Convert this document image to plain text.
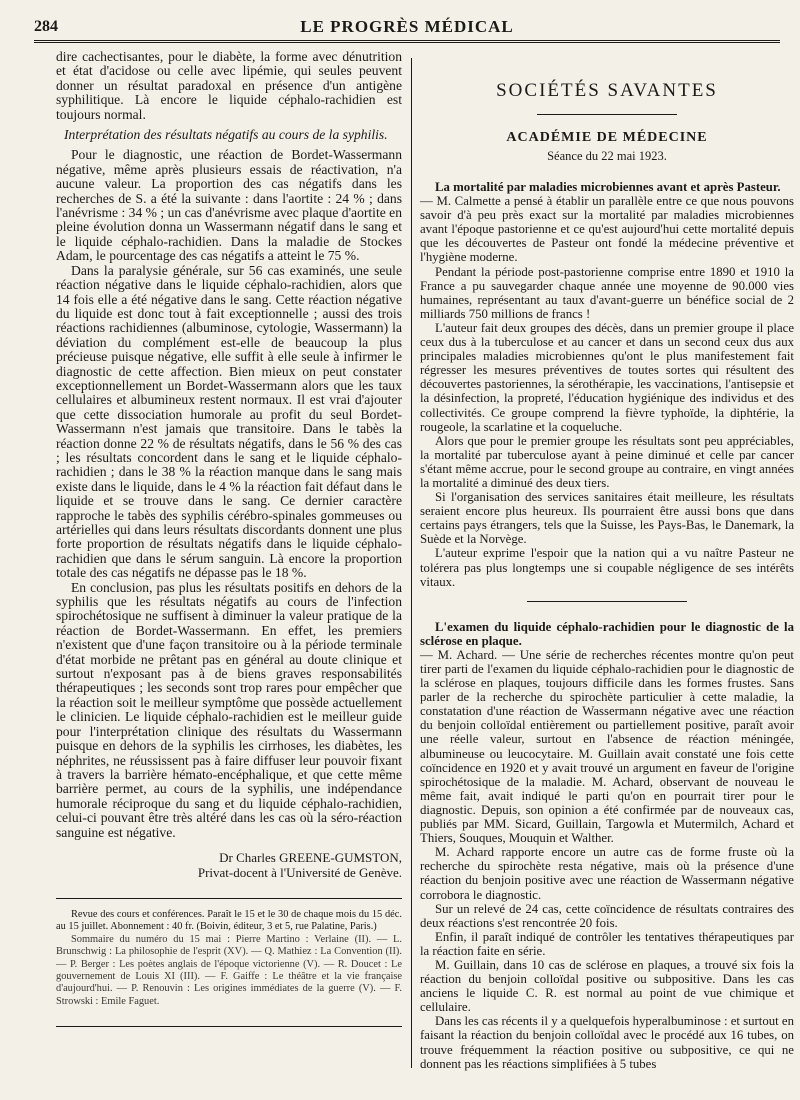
284	LE PROGRÈS MÉDICAL

dire cachectisantes, pour le diabète, la forme avec dénutrition et état d'acidose ou celle avec lipémie, qui seules peuvent donner un résultat paradoxal en présence d'un antigène syphilitique. Là encore le liquide céphalo-rachidien est toujours normal.

Interprétation des résultats négatifs au cours de la syphilis.

Pour le diagnostic, une réaction de Bordet-Wassermann négative, même après plusieurs essais de réactivation, n'a aucune valeur. La proportion des cas négatifs dans les recherches de S. a été la suivante : dans l'aortite : 24 % ; dans l'anévrisme : 34 % ; un cas d'anévrisme avec plaque d'aortite en pleine évolution donna un Wassermann négatif dans le sang et le liquide céphalo-rachidien. Dans la maladie de Stockes Adam, le pourcentage des cas négatifs a atteint le 75 %.

Dans la paralysie générale, sur 56 cas examinés, une seule réaction négative dans le liquide céphalo-rachidien, alors que 14 fois elle a été négative dans le sang. Cette réaction négative du liquide est donc tout à fait exceptionnelle ; aussi des trois réactions rachidiennes (albuminose, cytologie, Wassermann) la déviation du complément est-elle de beaucoup la plus précieuse puisque négative, elle suffit à elle seule à infirmer le diagnostic de cette affection. Bien mieux on peut constater exceptionnellement un Bordet-Wassermann alors que les taux cellulaires et albumineux restent normaux. Il est vrai d'ajouter que cette dissociation humorale au profit du seul Bordet-Wassermann n'est jamais que transitoire. Dans le tabès la réaction donne 22 % de résultats négatifs, dans le 56 % des cas ; les résultats concordent dans le sang et le liquide céphalo-rachidien ; dans le 38 % la réaction manque dans le sang mais existe dans le liquide, dans le 4 % la réaction fait défaut dans le liquide et se trouve dans le sang. Ce dernier caractère rapproche le tabès des syphilis cérébro-spinales gommeuses ou artérielles qui dans leurs résultats discordants donnent une plus forte proportion de résultats négatifs dans le liquide céphalo-rachidien que dans le sérum sanguin. Là encore la proportion totale des cas négatifs ne dépasse pas le 18 %.

En conclusion, pas plus les résultats positifs en dehors de la syphilis que les résultats négatifs au cours de l'infection spirochétosique ne suffisent à diminuer la valeur pratique de la réaction de Bordet-Wassermann. En effet, les premiers n'existent que d'une façon transitoire ou à la période terminale d'état morbide ne prêtant pas en général au doute clinique et surtout n'exposant pas à de biens graves responsabilités thérapeutiques ; les seconds sont trop rares pour empêcher que la réaction soit le meilleur symptôme que possède actuellement le clinicien. Le liquide céphalo-rachidien est le meilleur guide pour l'interprétation clinique des résultats du Wassermann puisque en dehors de la syphilis les cirrhoses, les diabètes, les néphrites, ne réussissent pas à faire diffuser leur pouvoir fixant à travers la barrière hémato-encéphalique, et que cette même barrière permet, au cours de la syphilis, une indépendance humorale réciproque du sang et du liquide céphalo-rachidien, celui-ci pouvant être très altéré dans les cas où la séro-réaction sanguine est négative.

Dr Charles GREENE-GUMSTON,
Privat-docent à l'Université de Genève.

Revue des cours et conférences. Paraît le 15 et le 30 de chaque mois du 15 déc. au 15 juillet. Abonnement : 40 fr. (Boivin, éditeur, 3 et 5, rue Palatine, Paris.)

Sommaire du numéro du 15 mai : Pierre Martino : Verlaine (II). — L. Brunschwig : La philosophie de l'esprit (XV). — Q. Mathiez : La Convention (II). — P. Berger : Les poètes anglais de l'époque victorienne (V). — R. Doucet : Le gouvernement de Louis XI (III). — F. Gaiffe : Le théâtre et la vie française d'aujourd'hui. — P. Renouvin : Les origines immédiates de la guerre (V). — F. Strowski : Emile Faguet.

SOCIÉTÉS SAVANTES
ACADÉMIE DE MÉDECINE
Séance du 22 mai 1923.

La mortalité par maladies microbiennes avant et après Pasteur.

— M. Calmette a pensé à établir un parallèle entre ce que nous pouvons savoir d'à peu près exact sur la mortalité par maladies microbiennes avant l'époque pastorienne et ce qu'est aujourd'hui cette mortalité depuis que les découvertes de Pasteur ont fondé la médecine préventive et l'hygiène moderne.

Pendant la période post-pastorienne comprise entre 1890 et 1910 la France a pu sauvegarder chaque année une moyenne de 90.000 vies humaines, représentant au taux d'avant-guerre un bénéfice social de 2 milliards 750 millions de francs !

L'auteur fait deux groupes des décès, dans un premier groupe il place ceux dus à la tuberculose et au cancer et dans un second ceux dus aux principales maladies microbiennes qu'ont le plus manifestement fait régresser les mesures préventives de toutes sortes qui résultent des découvertes pastoriennes, la sérothérapie, les vaccinations, l'antisepsie et la désinfection, la propreté, l'éducation hygiénique des individus et des collectivités. Ce groupe comprend la fièvre typhoïde, la diphtérie, la rougeole, la scarlatine et la coqueluche.

Alors que pour le premier groupe les résultats sont peu appréciables, la mortalité par tuberculose ayant à peine diminué et celle par cancer s'étant même accrue, pour le second groupe au contraire, en vingt années la mortalité a diminué des deux tiers.

Si l'organisation des services sanitaires était meilleure, les résultats seraient encore plus heureux. Ils pourraient être aussi bons que dans certains pays étrangers, tels que la Suisse, les Pays-Bas, le Danemark, la Suède et la Norvège.

L'auteur exprime l'espoir que la nation qui a vu naître Pasteur ne tolérera pas plus longtemps une si coupable négligence de ses intérêts vitaux.

L'examen du liquide céphalo-rachidien pour le diagnostic de la sclérose en plaque.

— M. Achard. — Une série de recherches récentes montre qu'on peut tirer parti de l'examen du liquide céphalo-rachidien pour le diagnostic de la sclérose en plaques, toujours difficile dans les formes frustes. Sans parler de la recherche du spirochète particulier à cette maladie, la constatation d'une réaction de Wassermann négative avec une réaction du benjoin colloïdal entièrement ou partiellement positive, paraît avoir une réelle valeur, surtout en l'absence de réaction méningée, albumineuse ou leucocytaire. M. Guillain avait constaté une fois cette coïncidence en 1920 et y avait trouvé un argument en faveur de l'origine spirochétosique de la maladie. M. Achard, observant de nouveau le même fait, avait indiqué le parti qu'on en pourrait tirer pour le diagnostic. Depuis, son opinion a été confirmée par de nouveaux cas, publiés par MM. Sicard, Guillain, Targowla et Mutermilch, Achard et Thiers, Souques, Mouquin et Walther.

M. Achard rapporte encore un autre cas de forme fruste où la recherche du spirochète resta négative, mais où la présence d'une réaction du benjoin positive avec une réaction de Wassermann négative corrobora le diagnostic.

Sur un relevé de 24 cas, cette coïncidence de résultats contraires des deux réactions s'est rencontrée 20 fois.

Enfin, il paraît indiqué de contrôler les tentatives thérapeutiques par la réaction faite en série.

M. Guillain, dans 10 cas de sclérose en plaques, a trouvé six fois la réaction du benjoin colloïdal positive ou subpositive. Dans les cas anciens le liquide C. R. est normal au point de vue chimique et cellulaire.

Dans les cas récents il y a quelquefois hyperalbuminose : et surtout en faisant la réaction du benjoin colloïdal avec le procédé aux 16 tubes, on trouve fréquemment la réaction positive ou subpositive, ce qui ne donnent pas les réactions simplifiées à 5 tubes
